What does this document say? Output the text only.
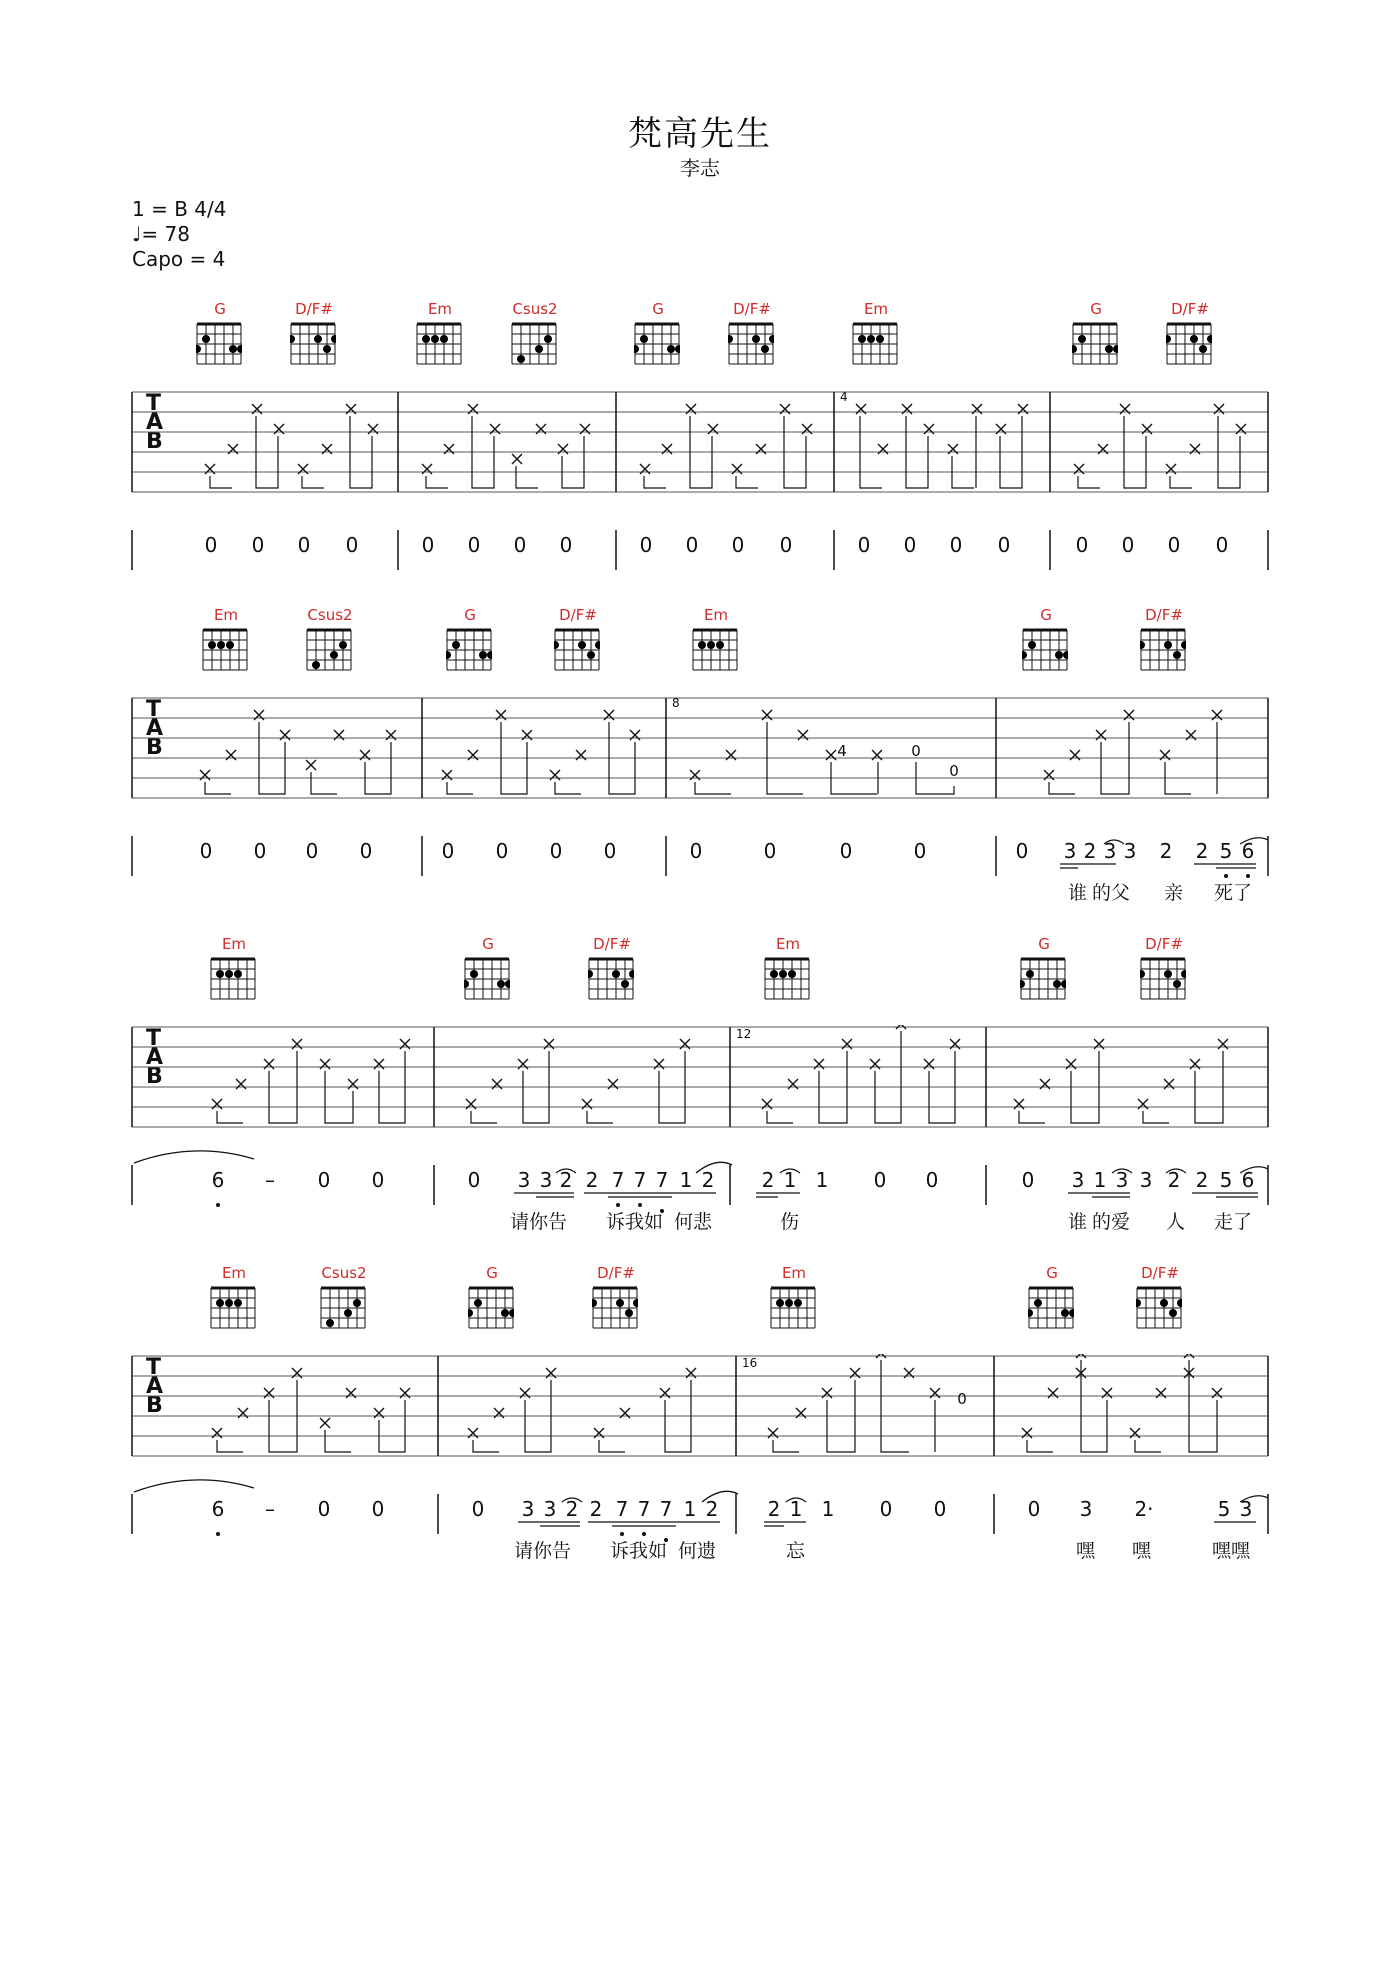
梵高先生
李志
1 = B 4/4
♩= 78
Capo = 4
G	D/F#	Em	Csus2	G	D/F#	Em	G	D/F#
T
A
B
0 0 0 0	0 0 0 0	0 0 0 0	0 0 0 0	0 0 0 0
4
Em	Csus2	G	D/F#	Em	G	D/F#
T
A
B	4	0
0
0 0 0 0	0 0 0 0	0	0	0	0	0 3 2 3 3 2 2 5 6
谁 的父 亲 死了
8
Em	G	D/F#	Em	G	D/F#
T
A
B
6 – 0 0	0 3 3 2 2 7 7 7 1 2 2 1 1 0 0	0 3 1 3 3 2 2 5 6
请你告 诉我如 何悲	伤	谁 的爱 人 走了
12
Em	Csus2	G	D/F#	Em	G	D/F#
T
A
B	0
6 – 0 0	0 3 3 2 2 7 7 7 1 2 2 1 1 0 0	0 3 2·	5 3
请你告 诉我如 何遗	忘	嘿 嘿	嘿嘿
16
